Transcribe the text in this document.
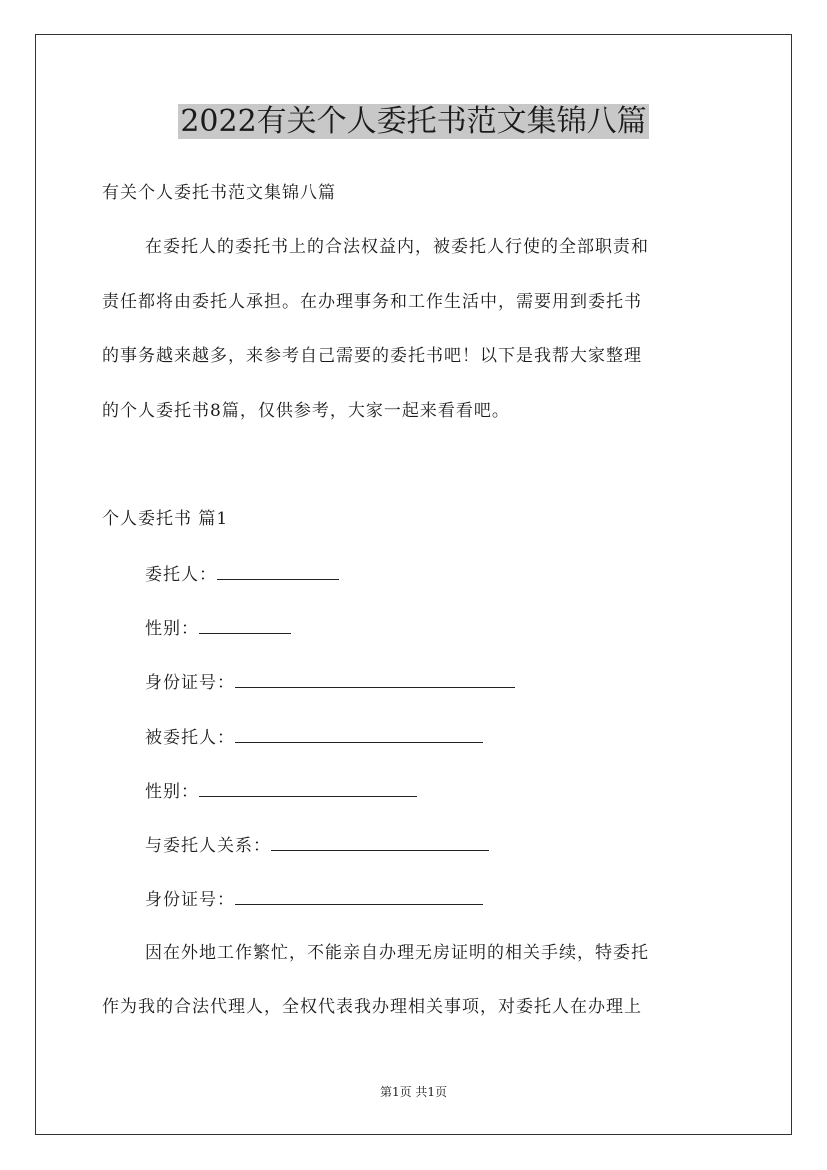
2022有关个人委托书范文集锦八篇
有关个人委托书范文集锦八篇
在委托人的委托书上的合法权益内，被委托人行使的全部职责和
责任都将由委托人承担。在办理事务和工作生活中，需要用到委托书
的事务越来越多，来参考自己需要的委托书吧！以下是我帮大家整理
的个人委托书8篇，仅供参考，大家一起来看看吧。
个人委托书 篇1
委托人：
性别：
身份证号：
被委托人：
性别：
与委托人关系：
身份证号：
因在外地工作繁忙，不能亲自办理无房证明的相关手续，特委托
作为我的合法代理人，全权代表我办理相关事项，对委托人在办理上
第1页 共1页
